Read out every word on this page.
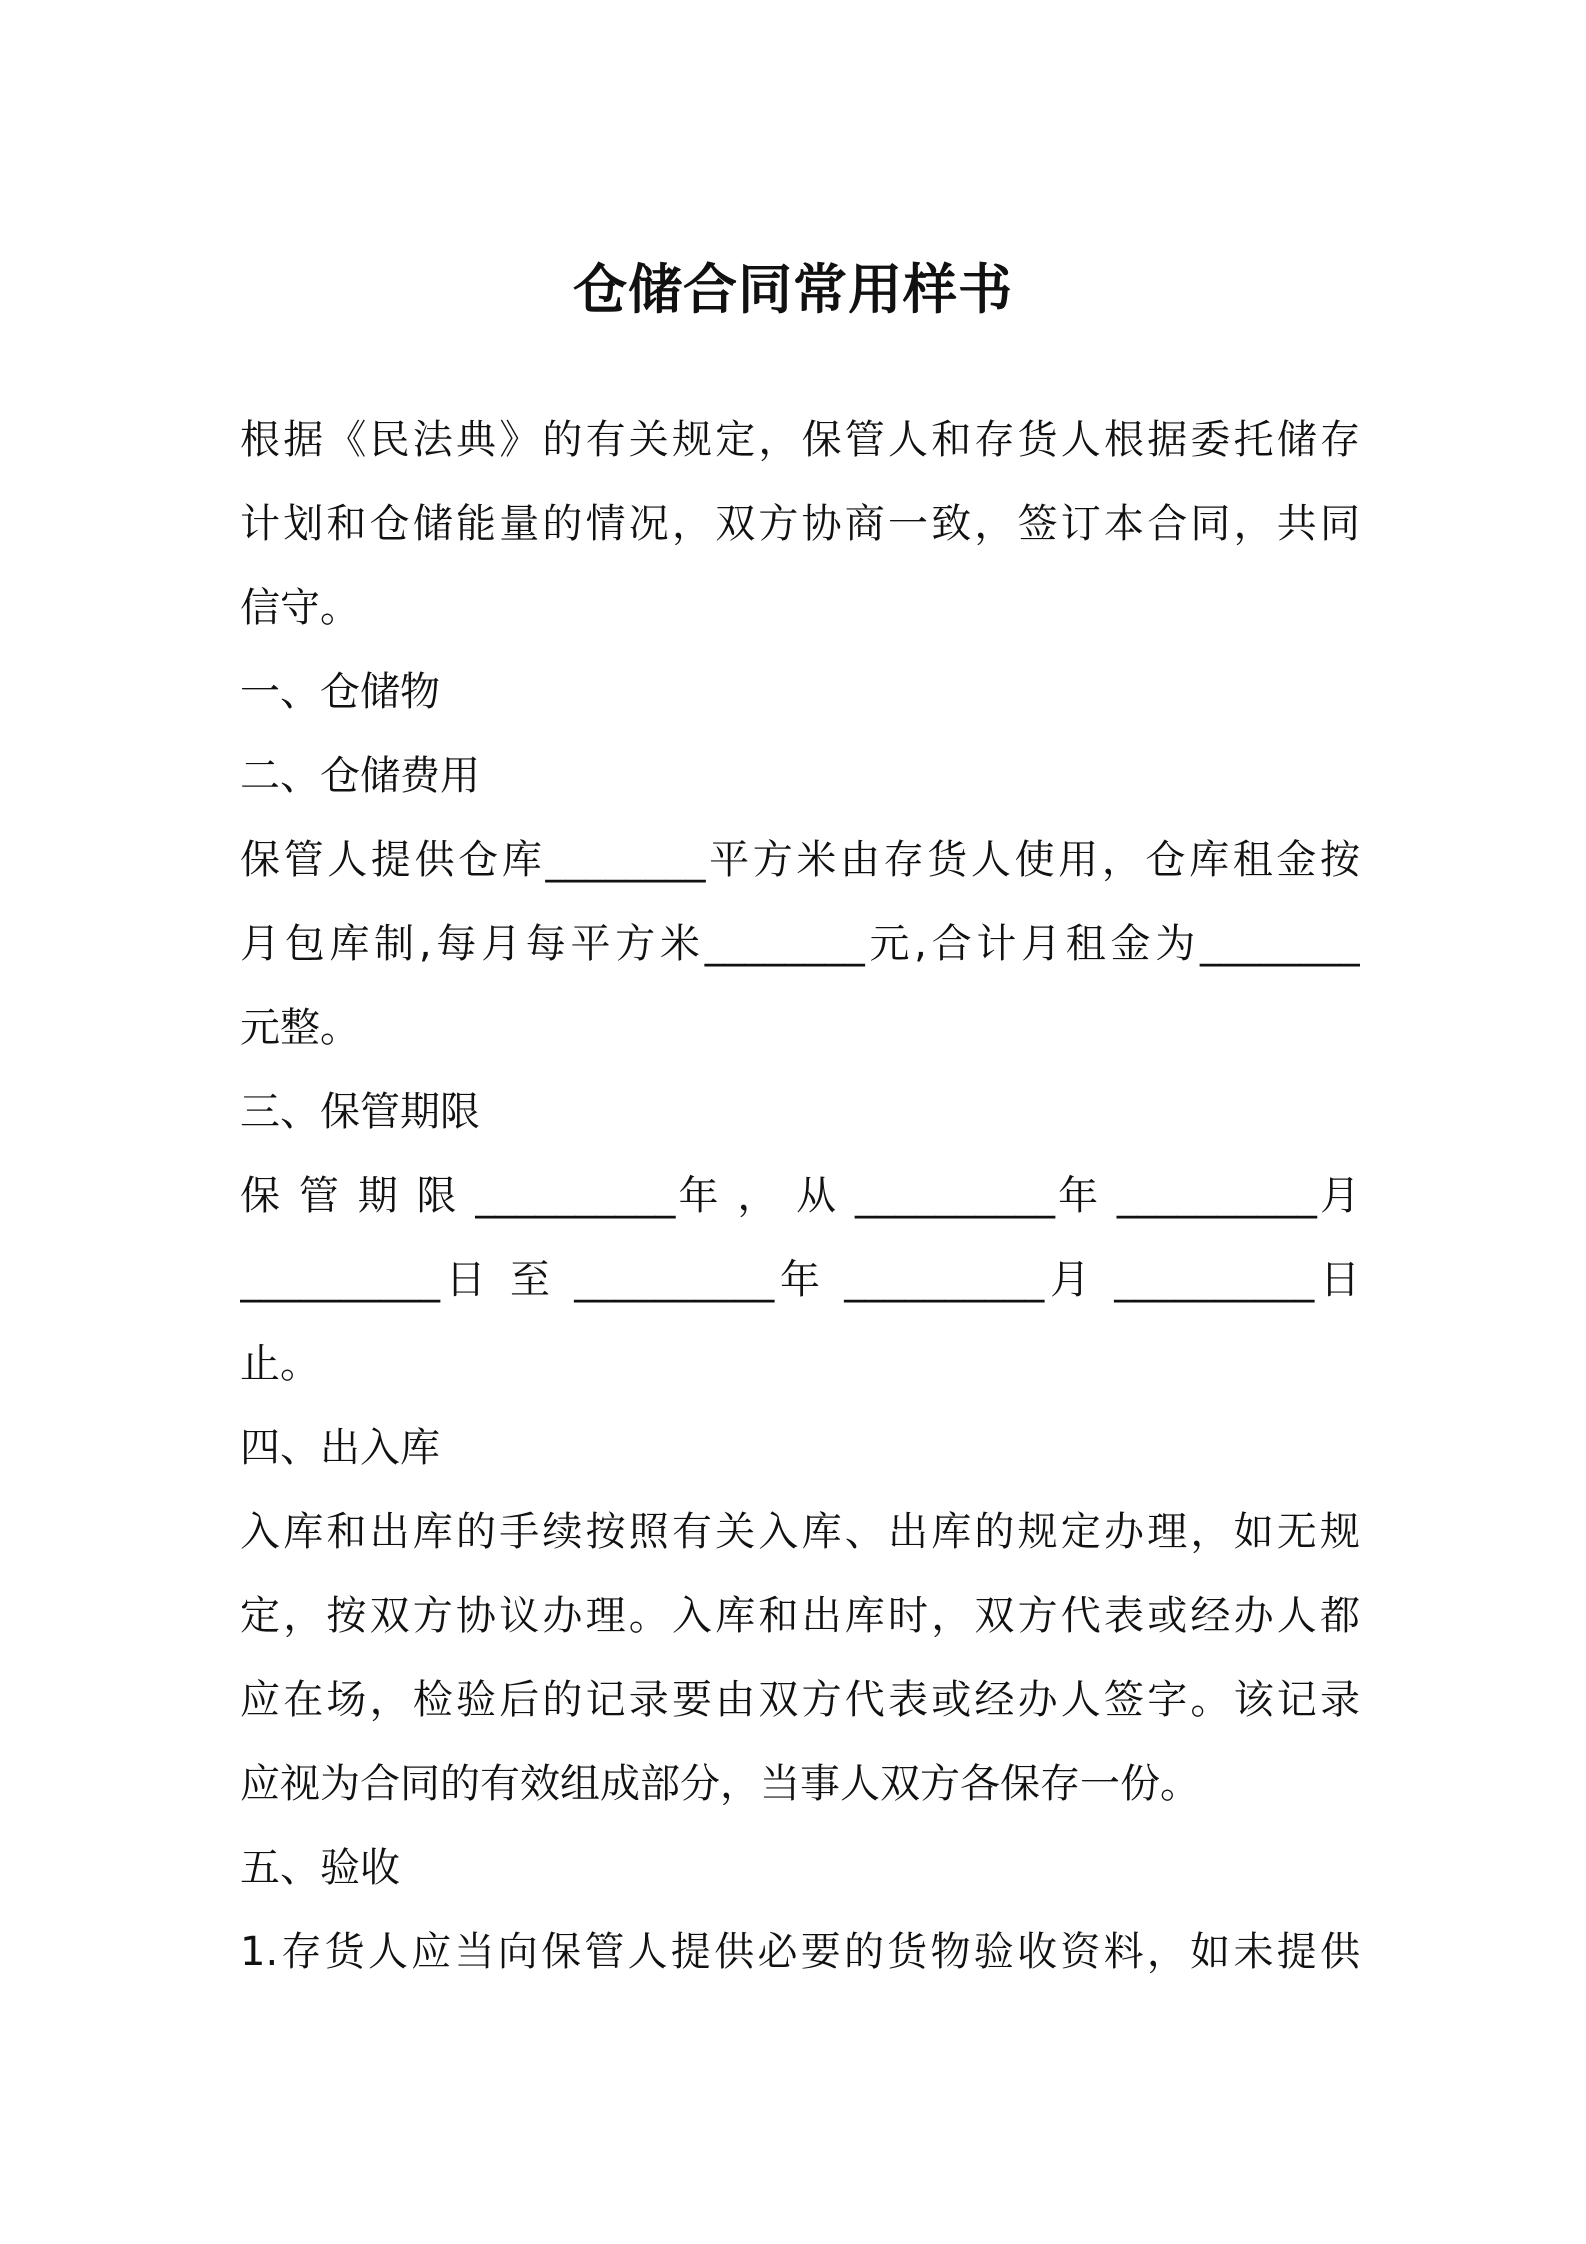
仓储合同常用样书
根据《民法典》的有关规定，保管人和存货人根据委托储存
计划和仓储能量的情况，双方协商一致，签订本合同，共同
信守。
一、仓储物
二、仓储费用
保管人提供仓库________平方米由存货人使用，仓库租金按
月包库制,每月每平方米________元,合计月租金为________
元整。
三、保管期限
保 管 期 限 __________年 ， 从 __________年 __________月
__________日 至 __________年 __________月 __________日
止。
四、出入库
入库和出库的手续按照有关入库、出库的规定办理，如无规
定，按双方协议办理。入库和出库时，双方代表或经办人都
应在场，检验后的记录要由双方代表或经办人签字。该记录
应视为合同的有效组成部分，当事人双方各保存一份。
五、验收
1.存货人应当向保管人提供必要的货物验收资料，如未提供
